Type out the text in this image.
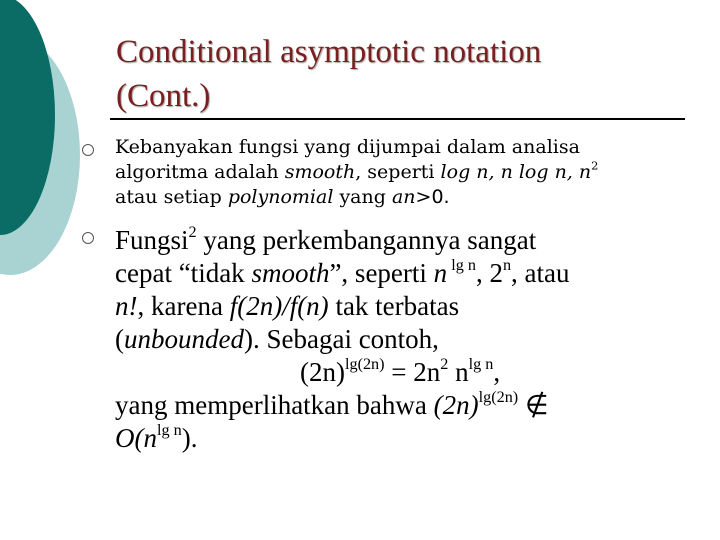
Conditional asymptotic notation
(Cont.)
Kebanyakan fungsi yang dijumpai dalam analisa
algoritma adalah smooth, seperti log n, n log n, $n^2$
atau setiap polynomial yang an>0.
Fungsi$^2$ yang perkembangannya sangat
cepat “tidak smooth”, seperti n $^{lg n}$, 2$^n$, atau
n!, karena f(2n)/f(n) tak terbatas
(unbounded). Sebagai contoh,
$(2n)^{lg(2n)} = 2n^2$ $n^{lg n}$,
yang memperlihatkan bahwa $(2n)^{lg(2n)}$ ∉
$O(n^{lg n})$.
